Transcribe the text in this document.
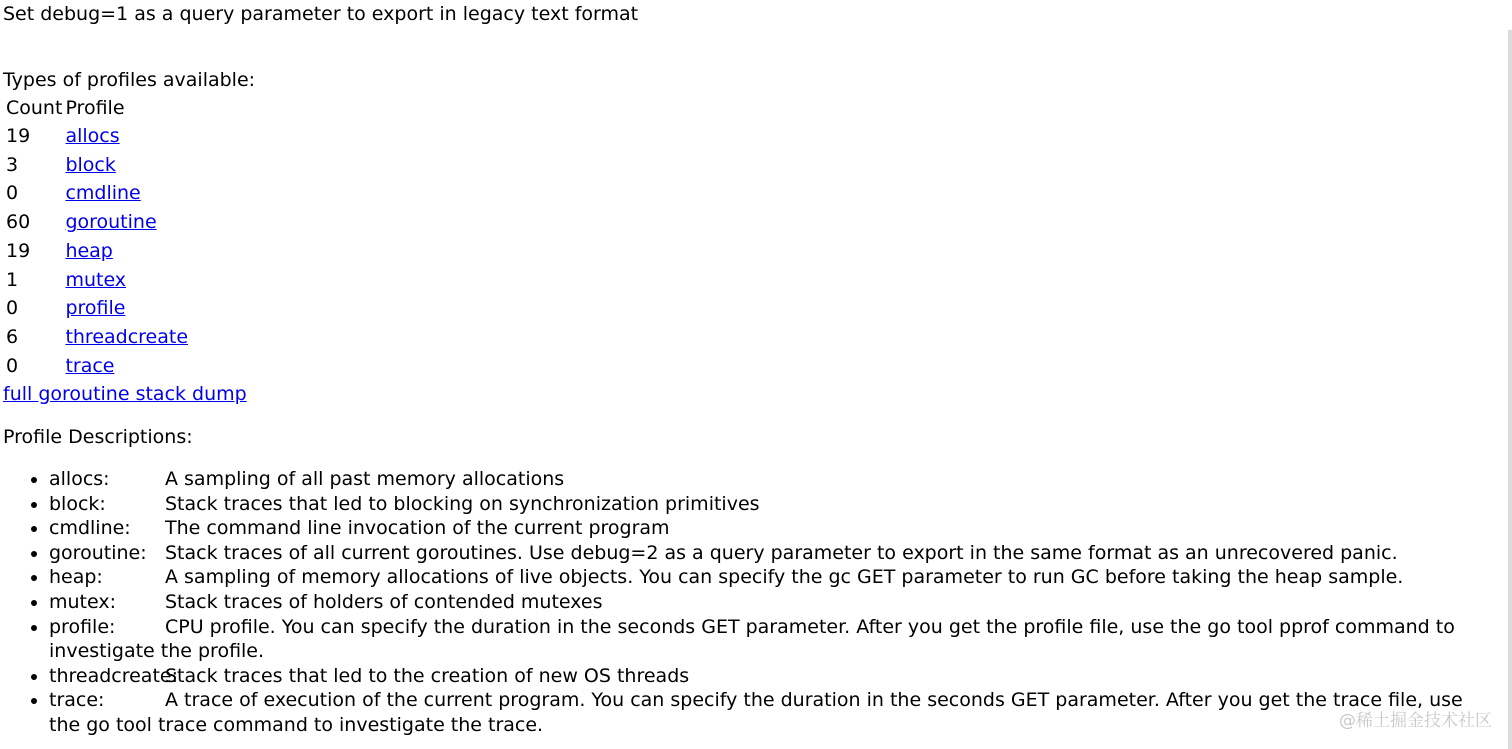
Set debug=1 as a query parameter to export in legacy text format
Types of profiles available:
Count	Profile
19	allocs
3	block
0	cmdline
60	goroutine
19	heap
1	mutex
0	profile
6	threadcreate
0	trace
full goroutine stack dump
Profile Descriptions:
• allocs:	A sampling of all past memory allocations
• block:	Stack traces that led to blocking on synchronization primitives
• cmdline: The command line invocation of the current program
• goroutine: Stack traces of all current goroutines. Use debug=2 as a query parameter to export in the same format as an unrecovered panic.
• heap:	A sampling of memory allocations of live objects. You can specify the gc GET parameter to run GC before taking the heap sample.
• mutex:	Stack traces of holders of contended mutexes
• profile:	CPU profile. You can specify the duration in the seconds GET parameter. After you get the profile file, use the go tool pprof command to investigate the profile.
• threadcreate:Stack traces that led to the creation of new OS threads
• trace:	A trace of execution of the current program. You can specify the duration in the seconds GET parameter. After you get the trace file, use the go tool trace command to investigate the trace.	@稀土掘金技术社区
